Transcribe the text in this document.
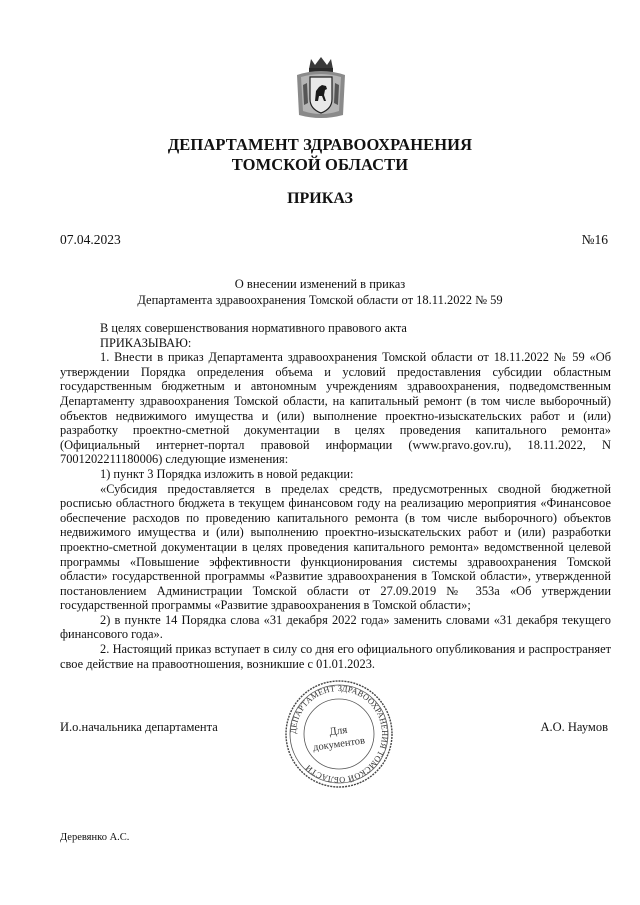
ДЕПАРТАМЕНТ ЗДРАВООХРАНЕНИЯ
ТОМСКОЙ ОБЛАСТИ
ПРИКАЗ
07.04.2023	№16
О внесении изменений в приказ
Департамента здравоохранения Томской области от 18.11.2022 № 59

В целях совершенствования нормативного правового акта

ПРИКАЗЫВАЮ:

1. Внести в приказ Департамента здравоохранения Томской области от 18.11.2022 № 59 «Об утверждении Порядка определения объема и условий предоставления субсидии областным государственным бюджетным и автономным учреждениям здравоохранения, подведомственным Департаменту здравоохранения Томской области, на капитальный ремонт (в том числе выборочный) объектов недвижимого имущества и (или) выполнение проектно-изыскательских работ и (или) разработку проектно-сметной документации в целях проведения капитального ремонта» (Официальный интернет-портал правовой информации (www.pravo.gov.ru), 18.11.2022, N 7001202211180006) следующие изменения:

1) пункт 3 Порядка изложить в новой редакции:

«Субсидия предоставляется в пределах средств, предусмотренных сводной бюджетной росписью областного бюджета в текущем финансовом году на реализацию мероприятия «Финансовое обеспечение расходов по проведению капитального ремонта (в том числе выборочного) объектов недвижимого имущества и (или) выполнению проектно-изыскательских работ и (или) разработки проектно-сметной документации в целях проведения капитального ремонта» ведомственной целевой программы «Повышение эффективности функционирования системы здравоохранения Томской области» государственной программы «Развитие здравоохранения в Томской области», утвержденной постановлением Администрации Томской области от 27.09.2019 № 353а «Об утверждении государственной программы «Развитие здравоохранения в Томской области»;

2) в пункте 14 Порядка слова «31 декабря 2022 года» заменить словами «31 декабря текущего финансового года».

2. Настоящий приказ вступает в силу со дня его официального опубликования и распространяет свое действие на правоотношения, возникшие с 01.01.2023.

И.о.начальника департамента	А.О. Наумов
ДЕПАРТАМЕНТ ЗДРАВООХРАНЕНИЯ ТОМСКОЙ ОБЛАСТИ
Для
документов
Деревянко А.С.
